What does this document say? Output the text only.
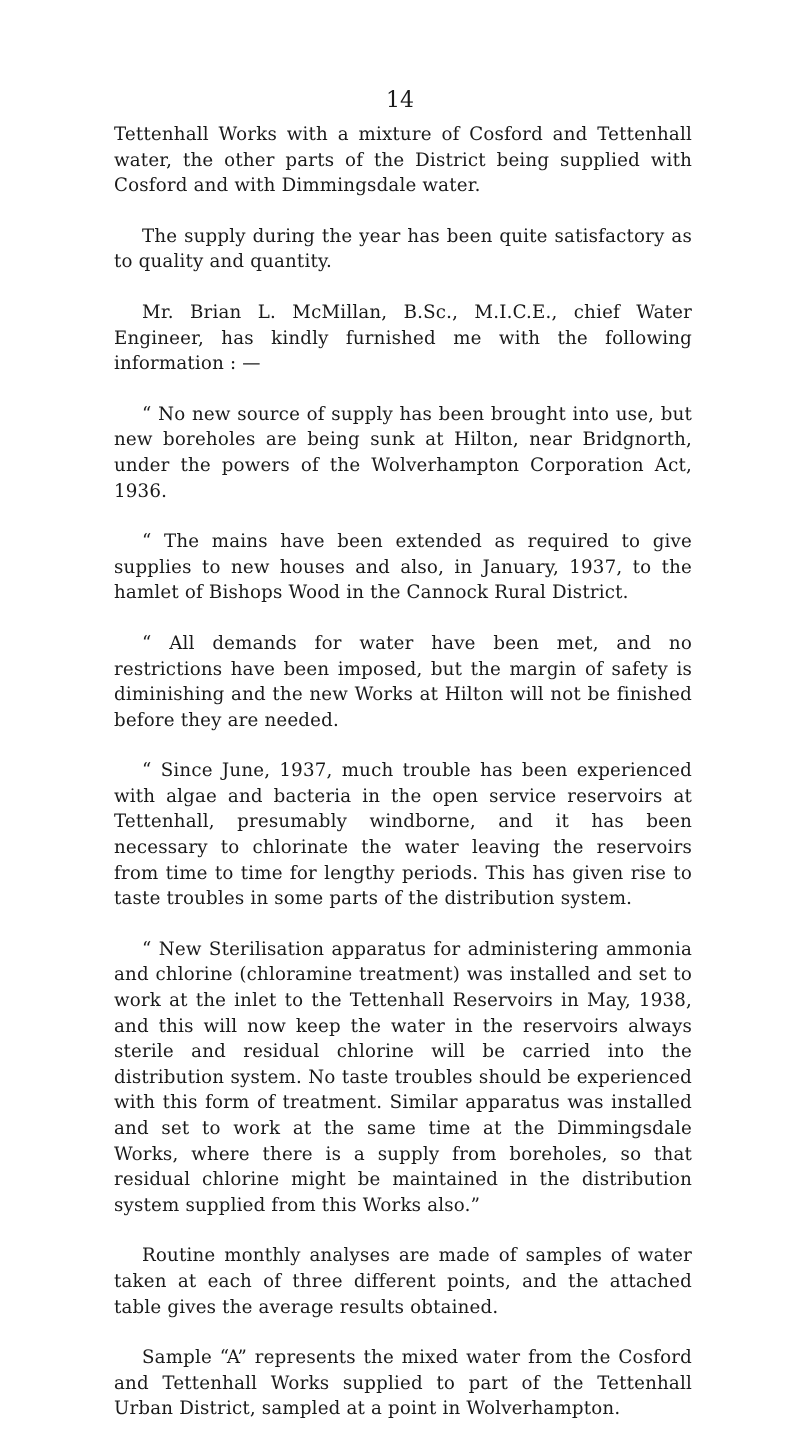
14

Tettenhall Works with a mixture of Cosford and Tettenhall water, the other parts of the District being supplied with Cosford and with Dimmingsdale water.

The supply during the year has been quite satisfactory as to quality and quantity.

Mr. Brian L. McMillan, B.Sc., M.I.C.E., chief Water Engineer, has kindly furnished me with the following information : —

“ No new source of supply has been brought into use, but new boreholes are being sunk at Hilton, near Bridgnorth, under the powers of the Wolverhampton Corporation Act, 1936.

“ The mains have been extended as required to give supplies to new houses and also, in January, 1937, to the hamlet of Bishops Wood in the Cannock Rural District.

“ All demands for water have been met, and no restrictions have been imposed, but the margin of safety is diminishing and the new Works at Hilton will not be finished before they are needed.

“ Since June, 1937, much trouble has been experienced with algae and bacteria in the open service reservoirs at Tettenhall, presumably windborne, and it has been necessary to chlorinate the water leaving the reservoirs from time to time for lengthy periods. This has given rise to taste troubles in some parts of the distribution system.

“ New Sterilisation apparatus for administering ammonia and chlorine (chloramine treatment) was installed and set to work at the inlet to the Tettenhall Reservoirs in May, 1938, and this will now keep the water in the reservoirs always sterile and residual chlorine will be carried into the distribution system. No taste troubles should be experienced with this form of treatment. Similar apparatus was installed and set to work at the same time at the Dimmingsdale Works, where there is a supply from boreholes, so that residual chlorine might be maintained in the distribution system supplied from this Works also.”

Routine monthly analyses are made of samples of water taken at each of three different points, and the attached table gives the average results obtained.

Sample “A” represents the mixed water from the Cosford and Tettenhall Works supplied to part of the Tettenhall Urban District, sampled at a point in Wolverhampton.
